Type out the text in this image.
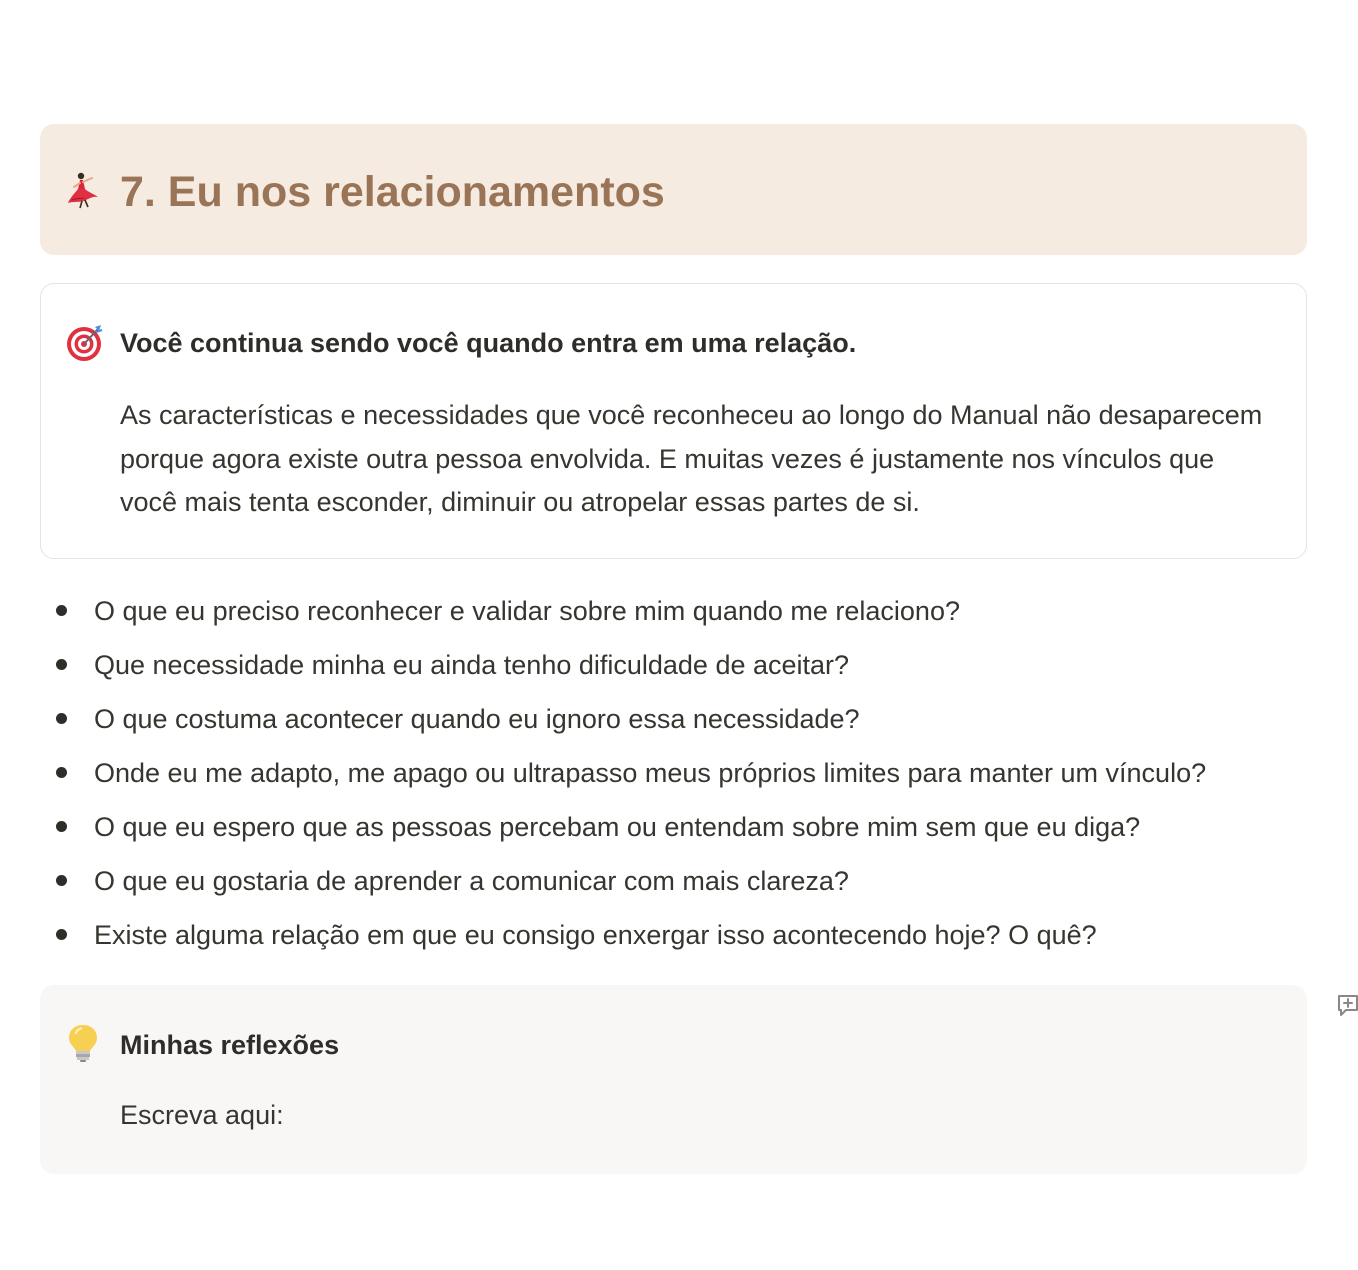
7. Eu nos relacionamentos
Você continua sendo você quando entra em uma relação.
As características e necessidades que você reconheceu ao longo do Manual não desaparecem porque agora existe outra pessoa envolvida. E muitas vezes é justamente nos vínculos que você mais tenta esconder, diminuir ou atropelar essas partes de si.
O que eu preciso reconhecer e validar sobre mim quando me relaciono?
Que necessidade minha eu ainda tenho dificuldade de aceitar?
O que costuma acontecer quando eu ignoro essa necessidade?
Onde eu me adapto, me apago ou ultrapasso meus próprios limites para manter um vínculo?
O que eu espero que as pessoas percebam ou entendam sobre mim sem que eu diga?
O que eu gostaria de aprender a comunicar com mais clareza?
Existe alguma relação em que eu consigo enxergar isso acontecendo hoje? O quê?
Minhas reflexões
Escreva aqui:
